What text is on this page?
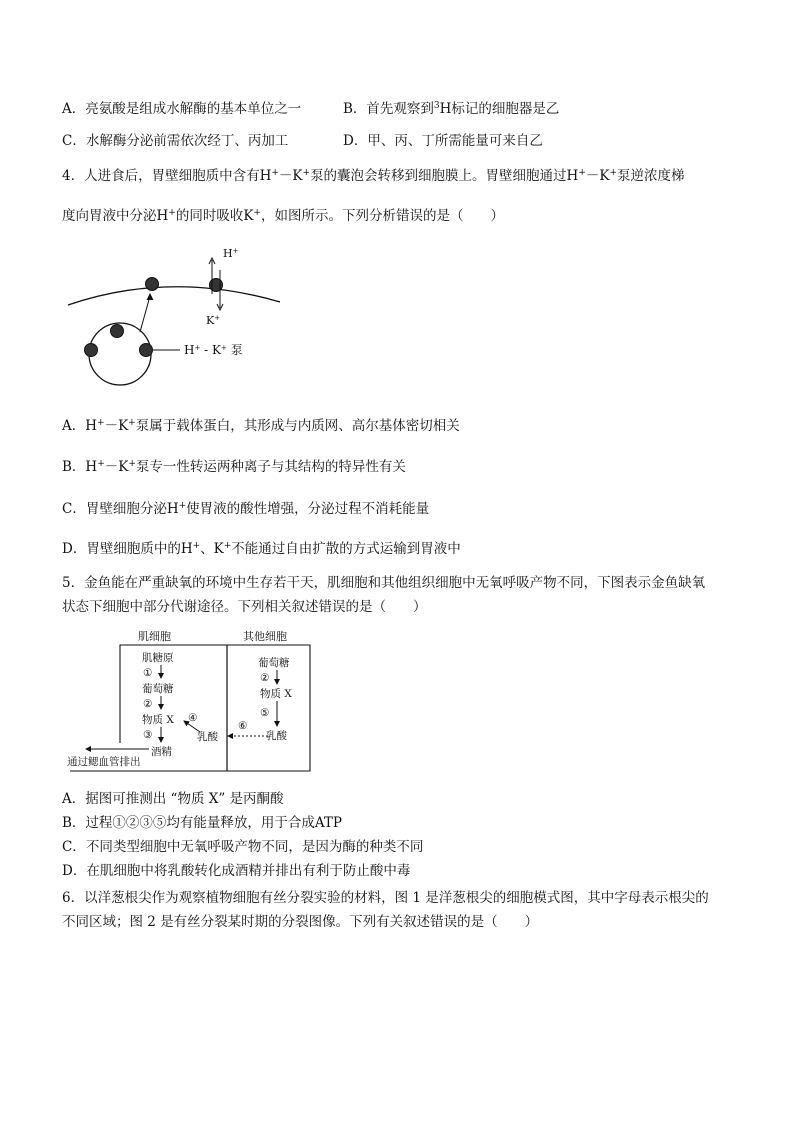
A．亮氨酸是组成水解酶的基本单位之一	B．首先观察到$^3$H标记的细胞器是乙
C．水解酶分泌前需依次经丁、丙加工	D．甲、丙、丁所需能量可来自乙
4．人进食后，胃壁细胞质中含有H+－K+泵的囊泡会转移到细胞膜上。胃壁细胞通过H+－K+泵逆浓度梯
度向胃液中分泌H+的同时吸收K+，如图所示。下列分析错误的是（　　）
H+
K+
H+ - K+ 泵
A．H+－K+泵属于载体蛋白，其形成与内质网、高尔基体密切相关
B．H+－K+泵专一性转运两种离子与其结构的特异性有关
C．胃壁细胞分泌H+使胃液的酸性增强，分泌过程不消耗能量
D．胃壁细胞质中的H+、K+不能通过自由扩散的方式运输到胃液中
5．金鱼能在严重缺氧的环境中生存若干天，肌细胞和其他组织细胞中无氧呼吸产物不同，下图表示金鱼缺氧
状态下细胞中部分代谢途径。下列相关叙述错误的是（　　）
肌细胞	其他细胞
肌糖原
①
葡萄糖
②
物质 X
③
酒精
④
乳酸
⑥
葡萄糖
②
物质 X
⑤
乳酸
通过鳃血管排出
A．据图可推测出 “物质 X” 是丙酮酸
B．过程①②③⑤均有能量释放，用于合成ATP
C．不同类型细胞中无氧呼吸产物不同，是因为酶的种类不同
D．在肌细胞中将乳酸转化成酒精并排出有利于防止酸中毒
6．以洋葱根尖作为观察植物细胞有丝分裂实验的材料，图 1 是洋葱根尖的细胞模式图，其中字母表示根尖的
不同区域；图 2 是有丝分裂某时期的分裂图像。下列有关叙述错误的是（　　）
